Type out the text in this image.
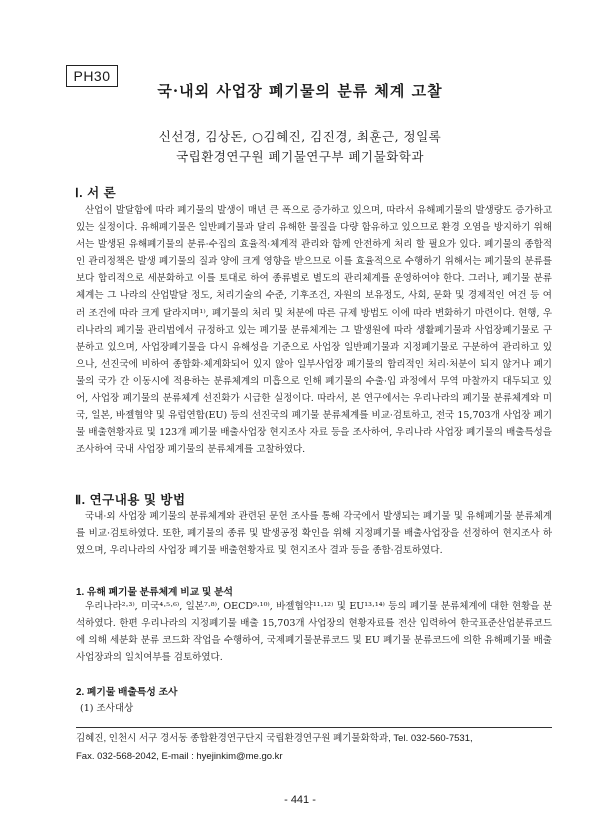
PH30
국·내외 사업장 폐기물의 분류 체계 고찰
신선경, 김상돈, ○김혜진, 김진경, 최훈근, 정일록
국립환경연구원 폐기물연구부 폐기물화학과
Ⅰ. 서 론

산업이 발달함에 따라 폐기물의 발생이 매년 큰 폭으로 증가하고 있으며, 따라서 유해폐기물의 발생량도 증가하고 있는 실정이다. 유해폐기물은 일반폐기물과 달리 유해한 물질을 다량 함유하고 있으므로 환경 오염을 방지하기 위해서는 발생된 유해폐기물의 분류·수집의 효율적·체계적 관리와 함께 안전하게 처리 할 필요가 있다. 폐기물의 종합적인 관리정책은 발생 폐기물의 질과 양에 크게 영향을 받으므로 이를 효율적으로 수행하기 위해서는 폐기물의 분류를 보다 합리적으로 세분화하고 이를 토대로 하여 종류별로 별도의 관리체계를 운영하여야 한다. 그러나, 폐기물 분류체계는 그 나라의 산업발달 정도, 처리기술의 수준, 기후조건, 자원의 보유정도, 사회, 문화 및 경제적인 여건 등 여러 조건에 따라 크게 달라지며¹⁾, 폐기물의 처리 및 처분에 따른 규제 방법도 이에 따라 변화하기 마련이다. 현행, 우리나라의 폐기물 관리법에서 규정하고 있는 폐기물 분류체계는 그 발생원에 따라 생활폐기물과 사업장폐기물로 구분하고 있으며, 사업장폐기물을 다시 유해성을 기준으로 사업장 일반폐기물과 지정폐기물로 구분하여 관리하고 있으나, 선진국에 비하여 종합화·체계화되어 있지 않아 일부사업장 폐기물의 합리적인 처리·처분이 되지 않거나 폐기물의 국가 간 이동시에 적용하는 분류체계의 미흡으로 인해 폐기물의 수출·입 과정에서 무역 마찰까지 대두되고 있어, 사업장 폐기물의 분류체계 선진화가 시급한 실정이다. 따라서, 본 연구에서는 우리나라의 폐기물 분류체계와 미국, 일본, 바젤협약 및 유럽연합(EU) 등의 선진국의 폐기물 분류체계를 비교·검토하고, 전국 15,703개 사업장 폐기물 배출현황자료 및 123개 폐기물 배출사업장 현지조사 자료 등을 조사하여, 우리나라 사업장 폐기물의 배출특성을 조사하여 국내 사업장 폐기물의 분류체계를 고찰하였다.

Ⅱ. 연구내용 및 방법

국내·외 사업장 폐기물의 분류체계와 관련된 문헌 조사를 통해 각국에서 발생되는 폐기물 및 유해폐기물 분류체계를 비교·검토하였다. 또한, 폐기물의 종류 및 발생공정 확인을 위해 지정폐기물 배출사업장을 선정하여 현지조사 하였으며, 우리나라의 사업장 폐기물 배출현황자료 및 현지조사 결과 등을 종합·검토하였다.

1. 유해 폐기물 분류체계 비교 및 분석

우리나라²·³⁾, 미국⁴·⁵·⁶⁾, 일본⁷·⁸⁾, OECD⁹·¹⁰⁾, 바젤협약¹¹·¹²⁾ 및 EU¹³·¹⁴⁾ 등의 폐기물 분류체계에 대한 현황을 분석하였다. 한편 우리나라의 지정폐기물 배출 15,703개 사업장의 현황자료를 전산 입력하여 한국표준산업분류코드에 의해 세분화 분류 코드화 작업을 수행하여, 국제폐기물분류코드 및 EU 폐기물 분류코드에 의한 유해폐기물 배출사업장과의 일치여부를 검토하였다.

2. 폐기물 배출특성 조사
(1) 조사대상
김혜진, 인천시 서구 경서동 종합환경연구단지 국립환경연구원 폐기물화학과, Tel. 032-560-7531,
Fax. 032-568-2042, E-mail : hyejinkim@me.go.kr
- 441 -
